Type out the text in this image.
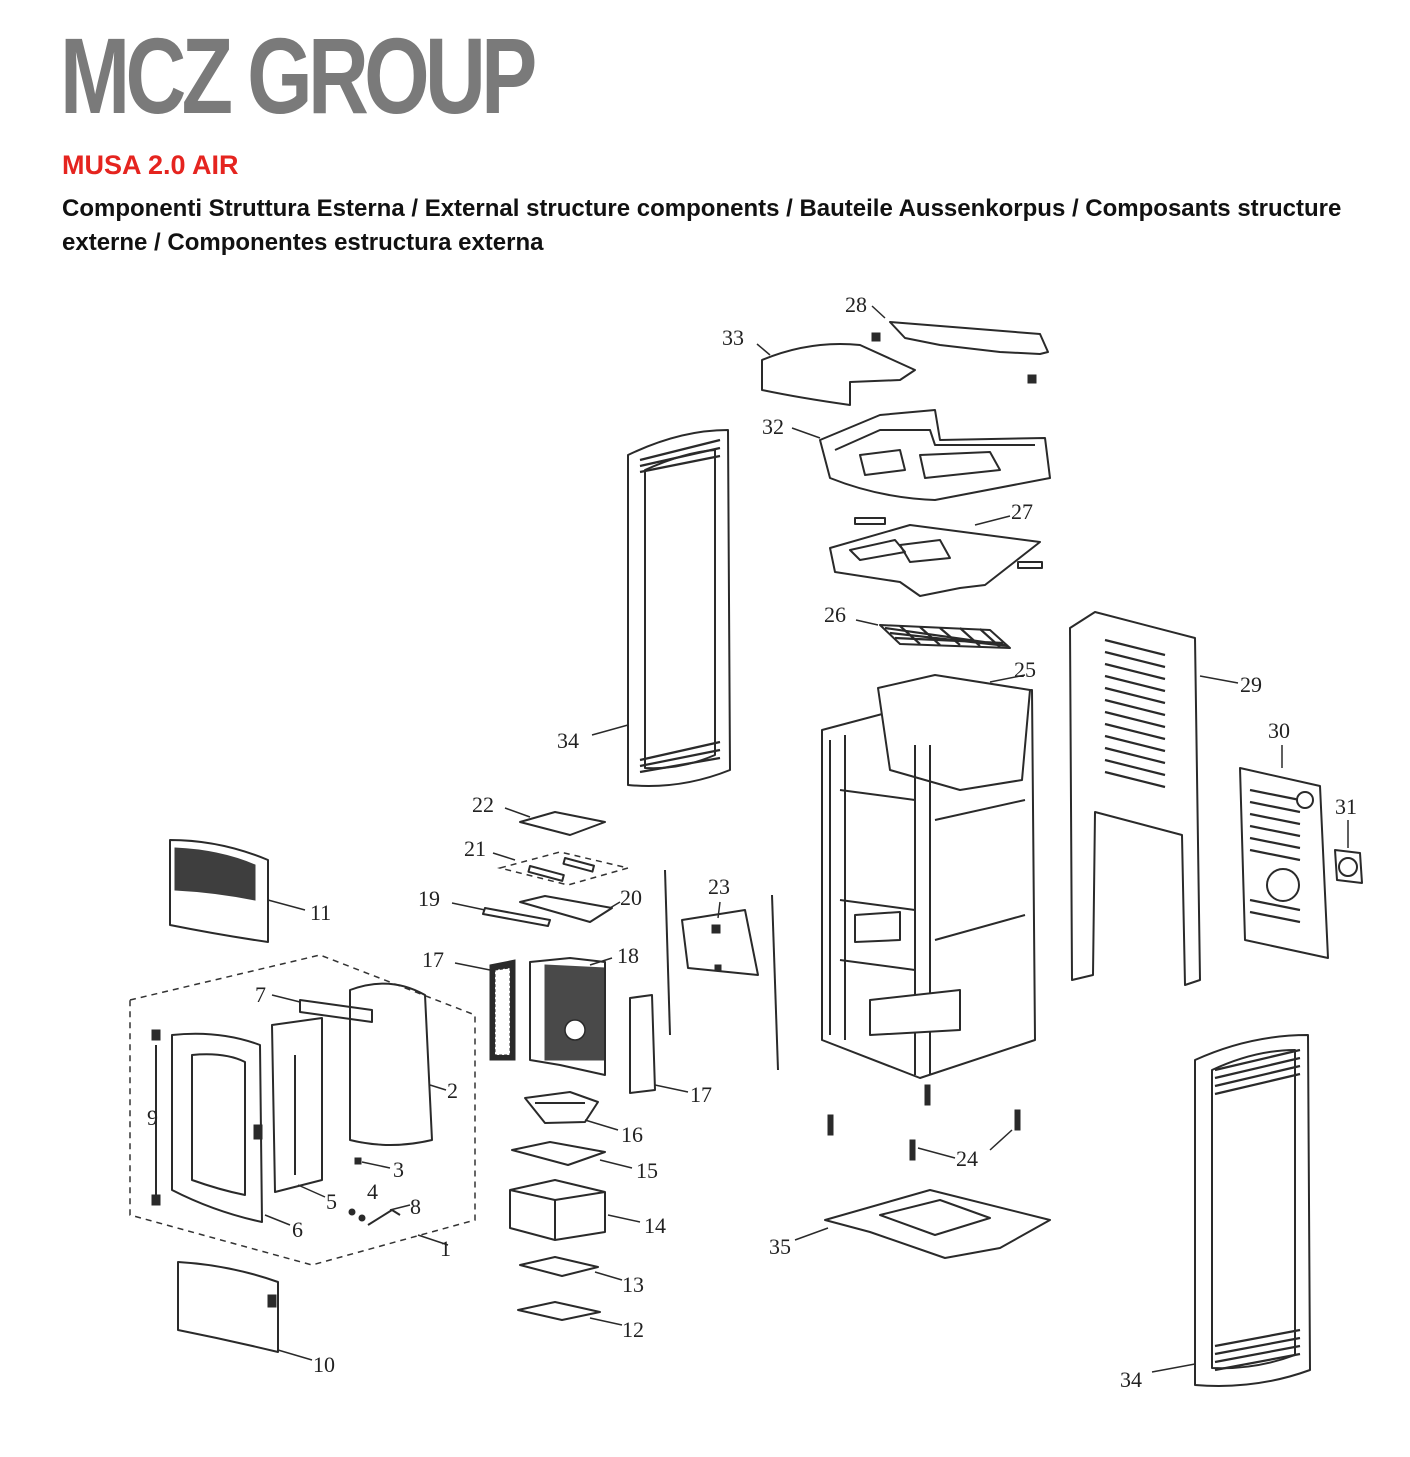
MCZ GROUP
MUSA 2.0 AIR
Componenti Struttura Esterna / External structure components / Bauteile Aussenkorpus / Composants structure externe / Componentes estructura externa
1
2
3
4
5
6
7
8
9
10
11
12
13
14
15
16
17
17
18
19	20
21
22
23
24
25
26
27
28
29
30
31
32
33
34
34
35
